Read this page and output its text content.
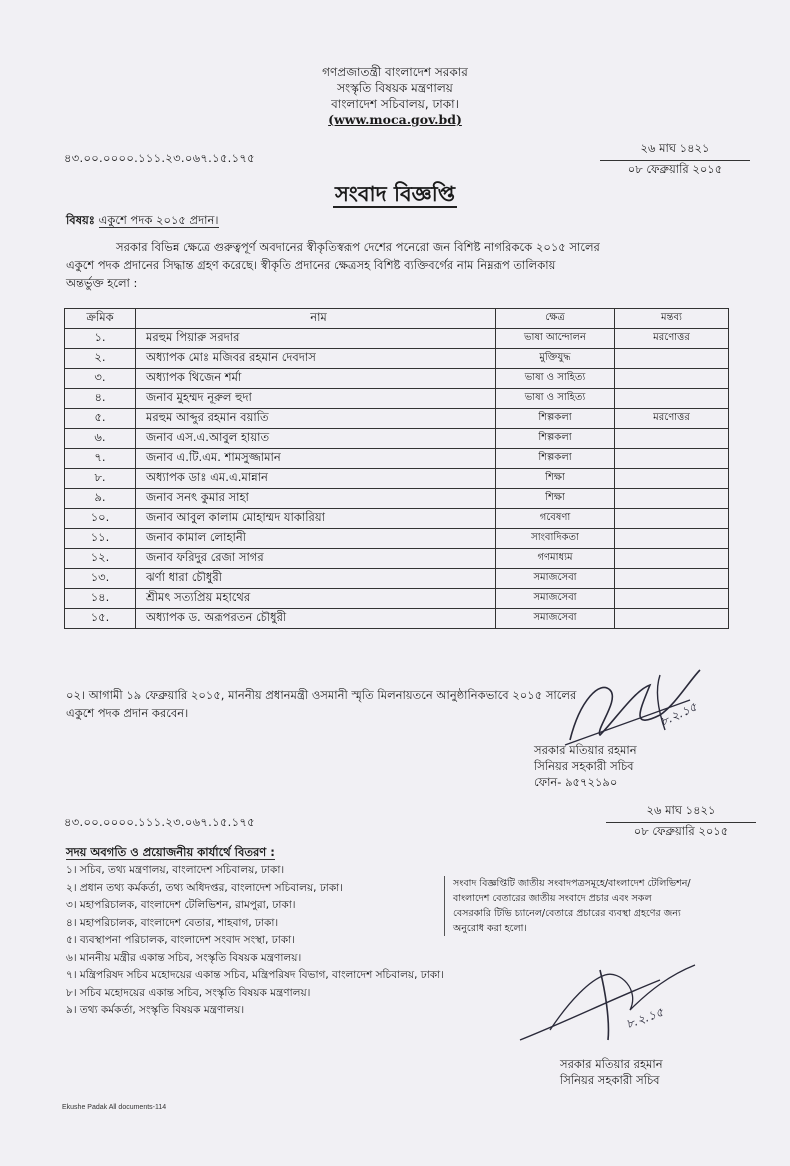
গণপ্রজাতন্ত্রী বাংলাদেশ সরকার
সংস্কৃতি বিষয়ক মন্ত্রণালয়
বাংলাদেশ সচিবালয়, ঢাকা।
(www.moca.gov.bd)
৪৩.০০.০০০০.১১১.২৩.০৬৭.১৫.১৭৫
২৬ মাঘ ১৪২১
০৮ ফেব্রুয়ারি ২০১৫
সংবাদ বিজ্ঞপ্তি
বিষয়ঃ একুশে পদক ২০১৫ প্রদান।
সরকার বিভিন্ন ক্ষেত্রে গুরুত্বপূর্ণ অবদানের স্বীকৃতিস্বরূপ দেশের পনেরো জন বিশিষ্ট নাগরিককে ২০১৫ সালের
একুশে পদক প্রদানের সিদ্ধান্ত গ্রহণ করেছে। স্বীকৃতি প্রদানের ক্ষেত্রসহ বিশিষ্ট ব্যক্তিবর্গের নাম নিম্নরূপ তালিকায়
অন্তর্ভুক্ত হলো :
ক্রমিক	নাম	ক্ষেত্র	মন্তব্য
১.	মরহুম পিয়ারু সরদার	ভাষা আন্দোলন	মরণোত্তর
২.	অধ্যাপক মোঃ মজিবর রহমান দেবদাস	মুক্তিযুদ্ধ	
৩.	অধ্যাপক থিজেন শর্মা	ভাষা ও সাহিত্য	
৪.	জনাব মুহম্মদ নূরুল হুদা	ভাষা ও সাহিত্য	
৫.	মরহুম আব্দুর রহমান বয়াতি	শিল্পকলা	মরণোত্তর
৬.	জনাব এস.এ.আবুল হায়াত	শিল্পকলা	
৭.	জনাব এ.টি.এম. শামসুজ্জামান	শিল্পকলা	
৮.	অধ্যাপক ডাঃ এম.এ.মান্নান	শিক্ষা	
৯.	জনাব সনৎ কুমার সাহা	শিক্ষা	
১০.	জনাব আবুল কালাম মোহাম্মদ যাকারিয়া	গবেষণা	
১১.	জনাব কামাল লোহানী	সাংবাদিকতা	
১২.	জনাব ফরিদুর রেজা সাগর	গণমাধ্যম	
১৩.	ঝর্ণা ধারা চৌধুরী	সমাজসেবা	
১৪.	শ্রীমৎ সত্যপ্রিয় মহাথের	সমাজসেবা	
১৫.	অধ্যাপক ড. অরূপরতন চৌধুরী	সমাজসেবা	
০২। আগামী ১৯ ফেব্রুয়ারি ২০১৫, মাননীয় প্রধানমন্ত্রী ওসমানী স্মৃতি মিলনায়তনে আনুষ্ঠানিকভাবে ২০১৫ সালের
একুশে পদক প্রদান করবেন।	৮.২.১৫
সরকার মতিয়ার রহমান
সিনিয়র সহকারী সচিব
ফোন- ৯৫৭২১৯০
৪৩.০০.০০০০.১১১.২৩.০৬৭.১৫.১৭৫
২৬ মাঘ ১৪২১
০৮ ফেব্রুয়ারি ২০১৫
সদয় অবগতি ও প্রয়োজনীয় কার্যার্থে বিতরণ :
১। সচিব, তথ্য মন্ত্রণালয়, বাংলাদেশ সচিবালয়, ঢাকা।
২। প্রধান তথ্য কর্মকর্তা, তথ্য অধিদপ্তর, বাংলাদেশ সচিবালয়, ঢাকা।
৩। মহাপরিচালক, বাংলাদেশ টেলিভিশন, রামপুরা, ঢাকা।
৪। মহাপরিচালক, বাংলাদেশ বেতার, শাহবাগ, ঢাকা।
৫। ব্যবস্থাপনা পরিচালক, বাংলাদেশ সংবাদ সংস্থা, ঢাকা।
৬। মাননীয় মন্ত্রীর একান্ত সচিব, সংস্কৃতি বিষয়ক মন্ত্রণালয়।
৭। মন্ত্রিপরিষদ সচিব মহোদয়ের একান্ত সচিব, মন্ত্রিপরিষদ বিভাগ, বাংলাদেশ সচিবালয়, ঢাকা।
৮। সচিব মহোদয়ের একান্ত সচিব, সংস্কৃতি বিষয়ক মন্ত্রণালয়।
৯। তথ্য কর্মকর্তা, সংস্কৃতি বিষয়ক মন্ত্রণালয়।
সংবাদ বিজ্ঞপ্তিটি জাতীয় সংবাদপত্রসমূহে/বাংলাদেশ টেলিভিশন/
বাংলাদেশ বেতারের জাতীয় সংবাদে প্রচার এবং সকল
বেসরকারি টিভি চ্যানেল/বেতারে প্রচারের ব্যবস্থা গ্রহণের জন্য
অনুরোধ করা হলো।
৮.২.১৫
সরকার মতিয়ার রহমান
সিনিয়র সহকারী সচিব
Ekushe Padak All documents-114
